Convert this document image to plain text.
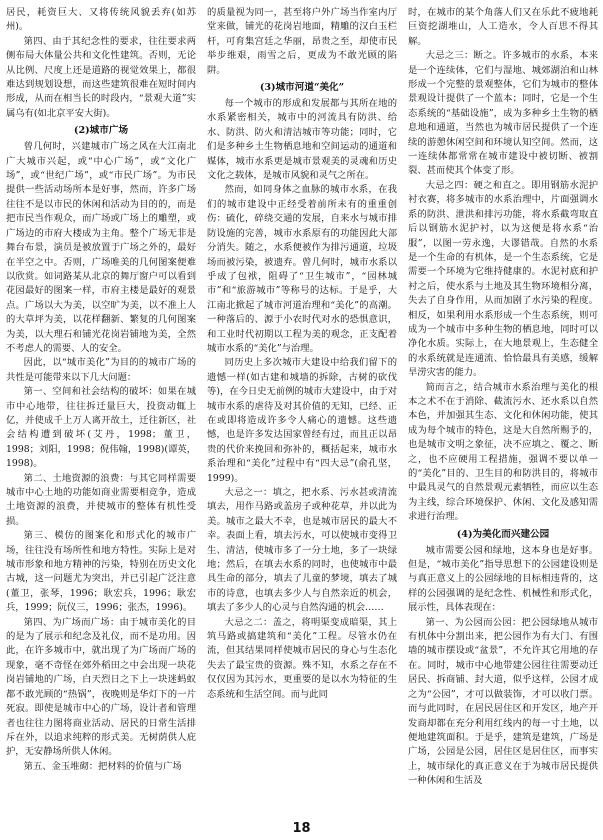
居民，耗资巨大、又将传统风貌丢弃(如苏州)。

第四、由于其纪念性的要求，往往要求两侧布局大体量公共和文化性建筑。否则，无论从比例、尺度上还是道路的视觉效果上，都很难达到规划设想，而这些建筑很难在短时间内形成，从而在相当长的时段内，“景观大道”实属乌有(如北京平安大街)。

(2)城市广场

曾几何时，兴建城市广场之风在大江南北广大城市兴起，或“中心广场”，或“文化广场”，或“世纪广场”，或“市民广场”。为市民提供一些活动场所本是好事，然而，许多广场往往不是以市民的休闲和活动为目的的，而是把市民当作观众，而广场或广场上的雕塑，或广场边的市府大楼成为主角。整个广场无非是舞台布景，演员是被放置于广场之外的，最好在半空之中。否则，广场唯美的几何图案便难以欣赏。如词路某从北京的舞厅窗户可以看到花园最好的图案一样，市府主楼是最好的观景点。广场以大为美，以空旷为美，以不准上人的大草坪为美，以花样翻新、繁复的几何图案为美，以大理石和铺光花岗岩铺地为美，全然不考虑人的需要、人的安全。

因此，以“城市美化”为目的的城市广场的共性是可能带来以下几大问题：

第一、空间和社会结构的破坏：如果在城市中心地带，往往拆迁量巨大，投资动辄上亿，并使成千上万人离开故土，迁往新区，社会结构遭到破坏(艾丹，1998；董卫，1998；刘阳，1998；倪伟翰，1998)(谭英，1998)。

第二、土地资源的浪费：与其它同样需要城市中心土地的功能如商业需要相竞争，造成土地资源的浪费，并使城市的整体有机性受损。

第三、模仿的图案化和形式化的城市广场，往往没有场所性和地方特性。实际上是对城市形象和地方精神的污染，特别在历史文化古城，这一问题尤为突出，并已引起广泛注意(董卫，张琴，1996；耿宏兵，1996；耿宏兵，1999；阮仪三，1996；张杰，1996)。

第四、为广场而广场：由于城市美化的目的是为了展示和纪念及礼仪，而不是功用。因此，在许多城市中，就出现了为广场而广场的现象，毫不奇怪在郊外稻田之中会出现一块花岗岩铺地的广场，白天烈日之下上一块迷蚂蚁都不敢光顾的“热锅”，夜晚则是华灯下的一片死寂。即使是城市中心的广场，设计者和管理者也往往力图将商业活动、居民的日常生活排斥在外，以追求纯粹的形式美。无树荫供人庇护，无安静场所供人休闲。

第五、金玉堆砌：把材料的价值与广场

的质量视为同一，甚至将户外广场当作室内厅堂来做，铺光的花岗岩地面，精雕的汉白玉栏杆，可育集宫廷之华丽，昂贵之至，却使市民举步维艰，雨雪之后，更成为不敢光顾的陷阱。

(3)城市河道“美化”

每一个城市的形成和发展都与其所在地的水系紧密相关，城市中的河流具有防洪、给水、防洪、防火和清洁城市等功能；同时，它们是多种乡土生物栖息地和空间运动的通道和媒体，城市水系更是城市景观美的灵魂和历史文化之载体，是城市风貌和灵气之所在。

然而，如同身体之血脉的城市水系，在我们的城市建设中正经受着前所未有的重重创伤：硫化，碎绕交通的发展，自来水与城市排防设施的完善，城市水系原有的功能因此大部分消失。随之，水系便被作为排污通道，垃圾场而被污染，被遗弃。曾几何时，城市水系以乎成了包袱，阻碍了“卫生城市”，“园林城市”和“旅游城市”等称号的达标。于是乎，大江南北掀起了城市河道治理和“美化”的高潮。一种落后的、源于小农时代对水的恐惧意识，和工业时代初期以工程为美的观念，正支配着城市水系的“美化”与治理。

同历史上多次城市大建设中给我们留下的遗憾一样(如古建和城墙的拆除，古树的砍伐等)，在今日史无前例的城市大建设中，由于对城市水系的虐待及对其价值的无知，已经、正在或即将造成许多令人痛心的遗憾。这些遗憾，也是许多发达国家曾经有过，而且正以昂贵的代价来挽回和弥补的，概括起来，城市水系治理和“美化”过程中有“四大忌”(俞孔坚，1999)。

大忌之一：填之，把水系、污水甚或清流填去，用作马路或盖房子或种花草，并以此为美。城市之最大不幸，也是城市居民的最大不幸。表面上看，填去污水，可以使城市变得卫生、清洁，使城市多了一分土地，多了一块绿地；然后，在填去水系的同时，也使城市中最具生命的部分，填去了儿童的梦境，填去了城市的诗意，也填去多少人与自然亲近的机会，填去了多少人的心灵与自然沟通的机会……

大忌之二：盖之，将明渠变成暗渠，其上筑马路或搞建筑和“美化”工程。尽管水仍在流，但其结果同样使城市居民的身心与生态化失去了最宝贵的资源。殊不知，水系之存在不仅仅因为其污水，更重要的是以水为特征的生态系统和生活空间。而与此同

时，在城市的某个角落人们又在乐此不疲地耗巨资挖湖堆山，人工造水，令人百思不得其解。

大忌之三：断之。许多城市的水系，本来是一个连续体，它们与湿地、城郊湖泊和山林形成一个完整的景观整体，它们为城市的整体景观设计提供了一个蓝本；同时，它是一个生态系统的“基础设施”，成为多种乡土生物的栖息地和通道，当然也为城市居民提供了一个连续的游憩休闲空间和环境认知空间。然而，这一连续体都常常在城市建设中被切断、被割裂、甚而使其个体变了形。

大忌之四：硬之和直之。即用钢筋水泥护衬衣赛，将多城市的水系治理中，片面强调水系的防洪、泄洪和排污功能，将水系截弯取直后以钢筋水泥护衬，以为这便是将水系“治服”，以图一劳永逸，大谬错哉。自然的水系是一个生命的有机体，是一个生态系统，它是需要一个环境为它维持健康的。水泥衬底和护衬之后，使水系与土地及其生物环境相分离，失去了自身作用，从而加剧了水污染的程度。相反，如果利用水系形成一个生态系统，则可成为一个城市中多种生物的栖息地，同时可以净化水质。实际上，在大地景观上，生态健全的水系统就是连通流、恰恰最具有美感，缓解旱涝灾害的能力。

简而言之，结合城市水系治理与美化的根本之术不在于消除、截流污水、还水系以自然本色，并加强其生态、文化和休闲功能，使其成为每个城市的特色，这是大自然所赐予的，也是城市文明之象征，决不应填之、覆之、断之，也不应硬用工程措施，强调不要以单一的“美化”目的、卫生目的和防洪目的，将城市中最具灵气的自然景观元素牺牲，而应以生态为主线，综合环境保护、休闲、文化及感知需求进行治理。

(4)为美化而兴建公园

城市需要公园和绿地，这本身也是好事。但是，“城市美化”指导思想下的公园建设则是与真正意义上的公园绿地的目标相违背的，这样的公园强调的是纪念性、机械性和形式化，展示性，具体表现在：

第一、为公园而公园：把公园绿地从城市有机体中分割出来，把公园作为有大门、有围墙的城市摆设或“盆景”，不允许其它用地的存在。同时，城市中心地带建公园往往需要动迁居民、拆商铺、封大道，似乎这样，公园才成之为“公园”，才可以做装饰，才可以收门票。而与此同时，在居民居住区和开发区，地产开发商却都在充分利用红线内的每一寸土地，以便地建筑面积。于是乎，建筑是建筑，广场是广场，公园是公园，居住区是居住区，而事实上，城市绿化的真正意义在于为城市居民提供一种休闲和生活及

18
